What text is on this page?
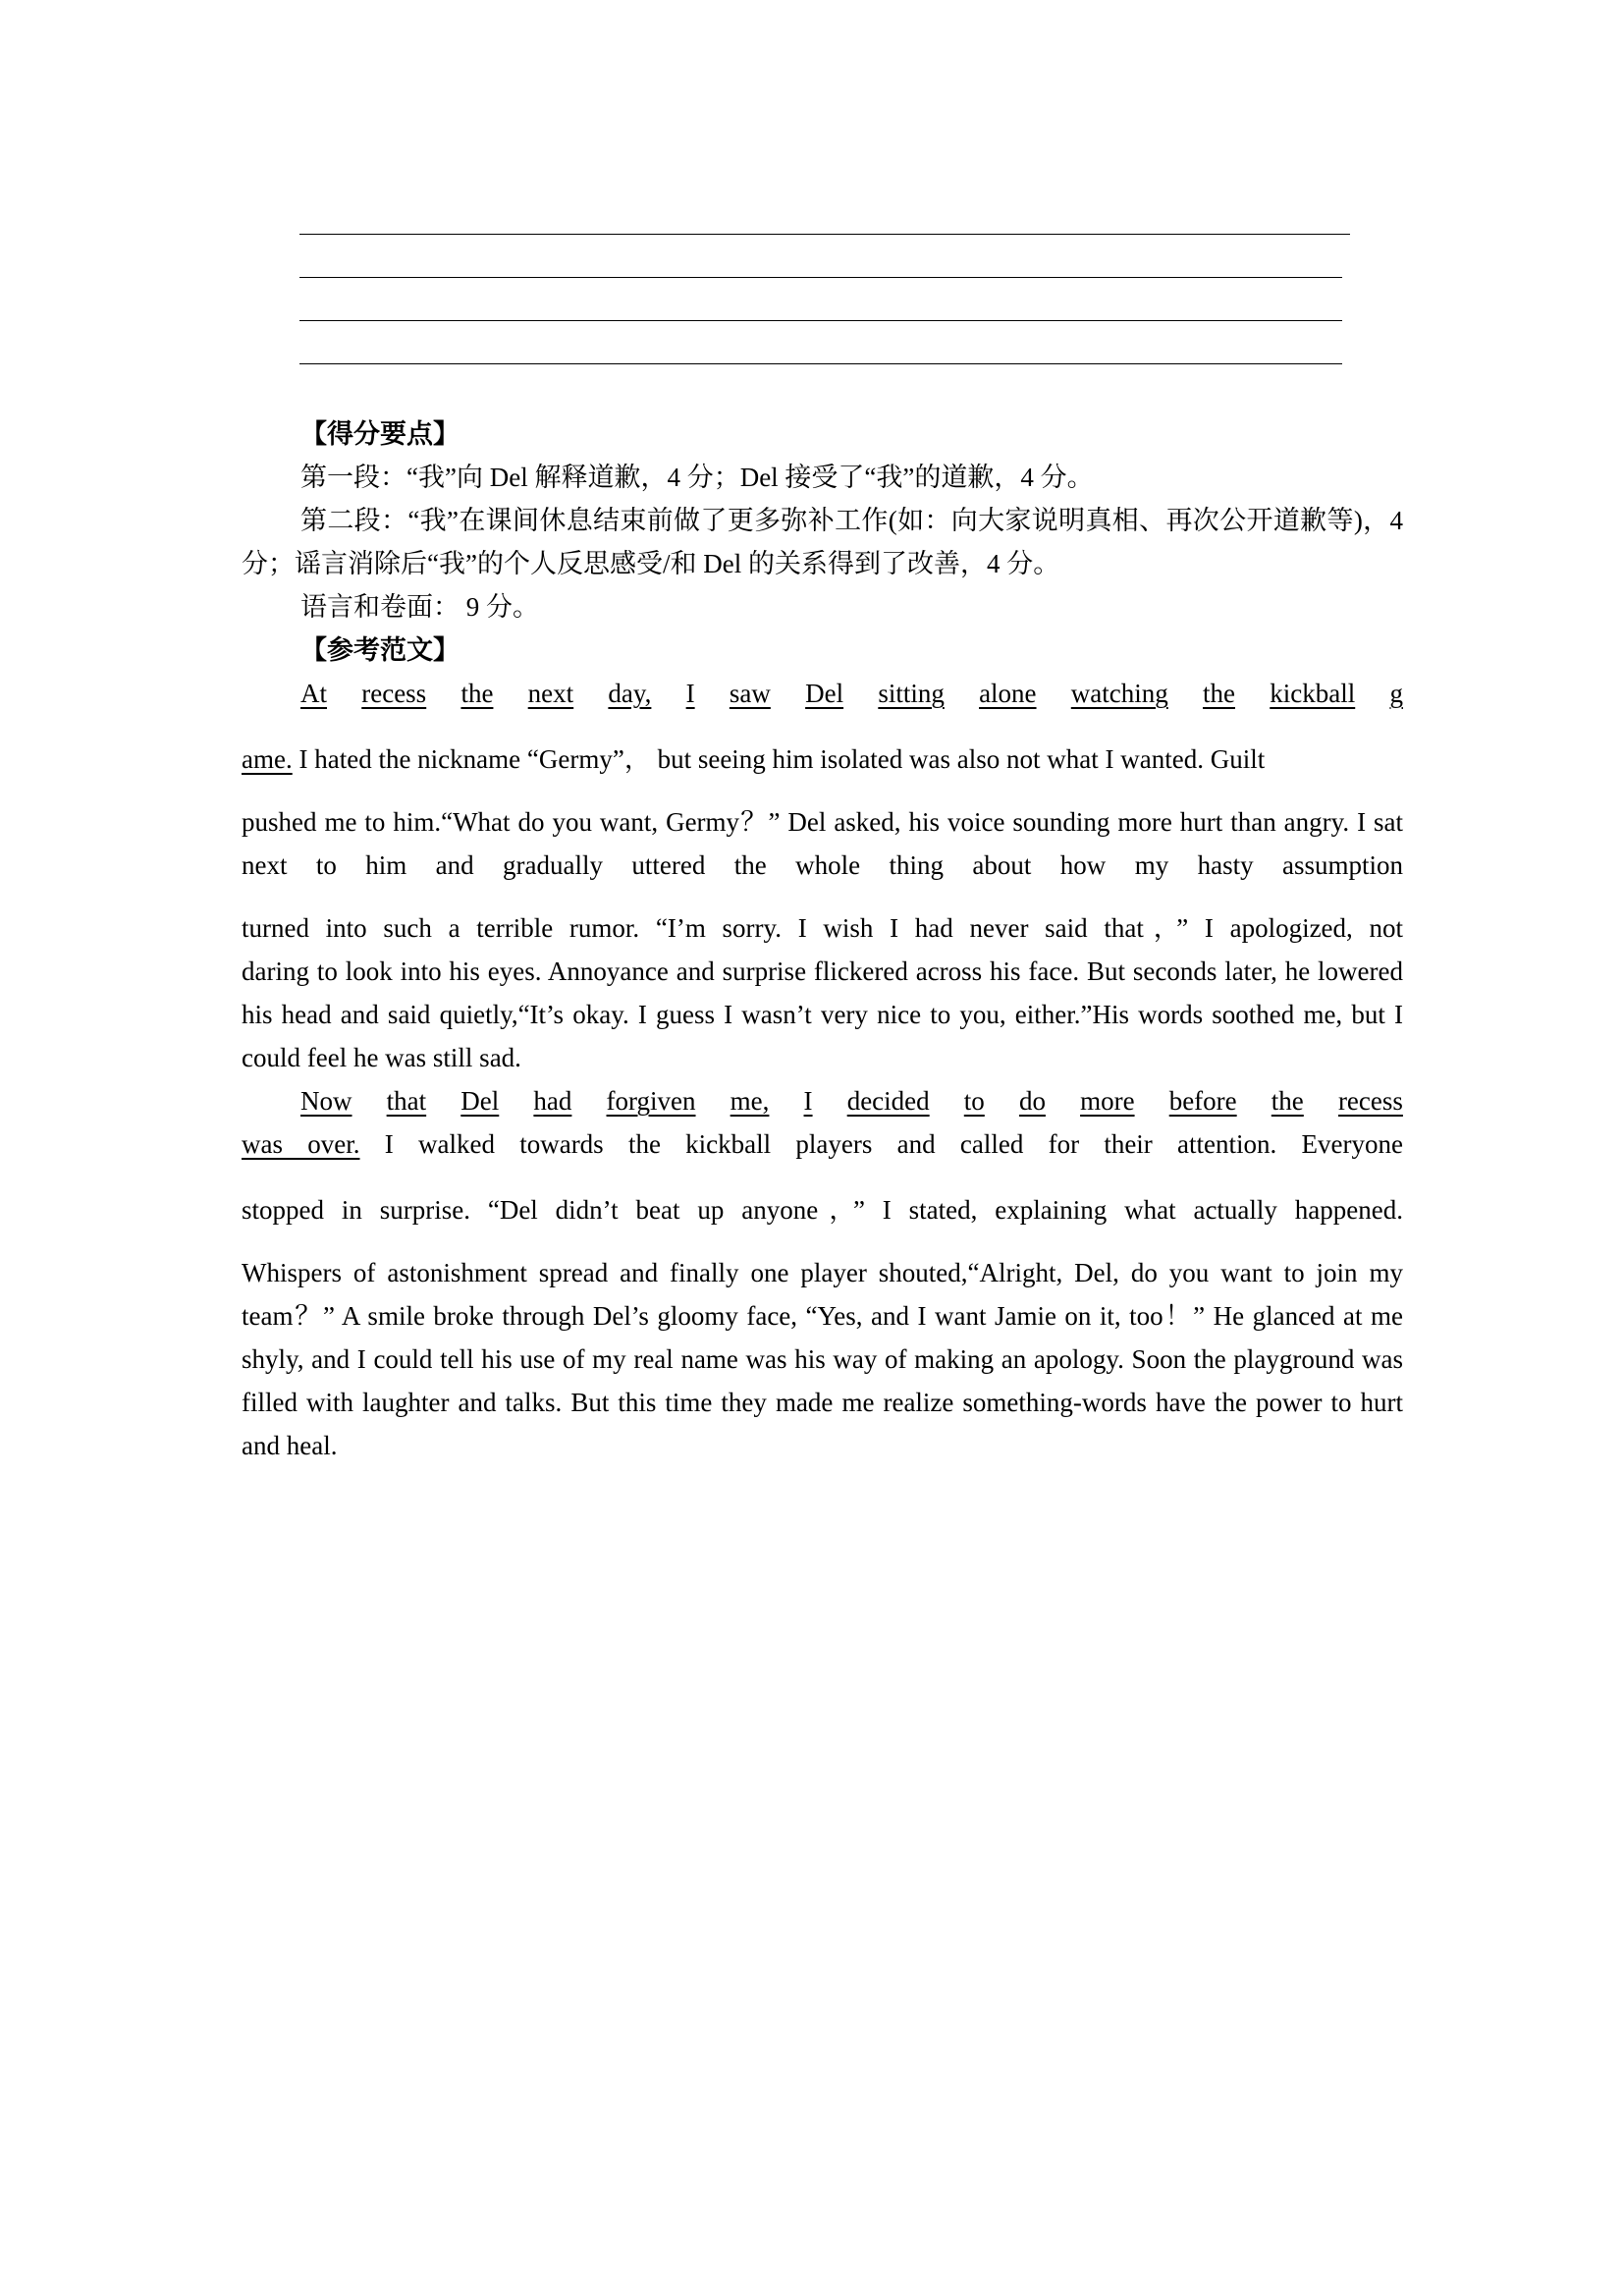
【得分要点】

第一段：“我”向 Del 解释道歉，4 分；Del 接受了“我”的道歉，4 分。

第二段：“我”在课间休息结束前做了更多弥补工作(如：向大家说明真相、再次公开道歉等)，4 分；谣言消除后“我”的个人反思感受/和 Del 的关系得到了改善，4 分。

语言和卷面： 9 分。

【参考范文】

At recess the next day, I saw Del sitting alone watching the kickball g

ame. I hated the nickname “Germy”， but seeing him isolated was also not what I wanted. Guilt

pushed me to him.“What do you want, Germy？” Del asked, his voice sounding more hurt than angry. I sat next to him and gradually uttered the whole thing about how my hasty assumption

turned into such a terrible rumor. “I’m sorry. I wish I had never said that，” I apologized, not

daring to look into his eyes. Annoyance and surprise flickered across his face. But seconds later, he lowered his head and said quietly,“It’s okay. I guess I wasn’t very nice to you, either.”His words soothed me, but I could feel he was still sad.

Now that Del had forgiven me, I decided to do more before the recess

was over. I walked towards the kickball players and called for their attention. Everyone

stopped in surprise. “Del didn’t beat up anyone，” I stated, explaining what actually happened.

Whispers of astonishment spread and finally one player shouted,“Alright, Del, do you want to join my team？” A smile broke through Del’s gloomy face, “Yes, and I want Jamie on it, too！” He glanced at me shyly, and I could tell his use of my real name was his way of making an apology. Soon the playground was filled with laughter and talks. But this time they made me realize something-words have the power to hurt and heal.
